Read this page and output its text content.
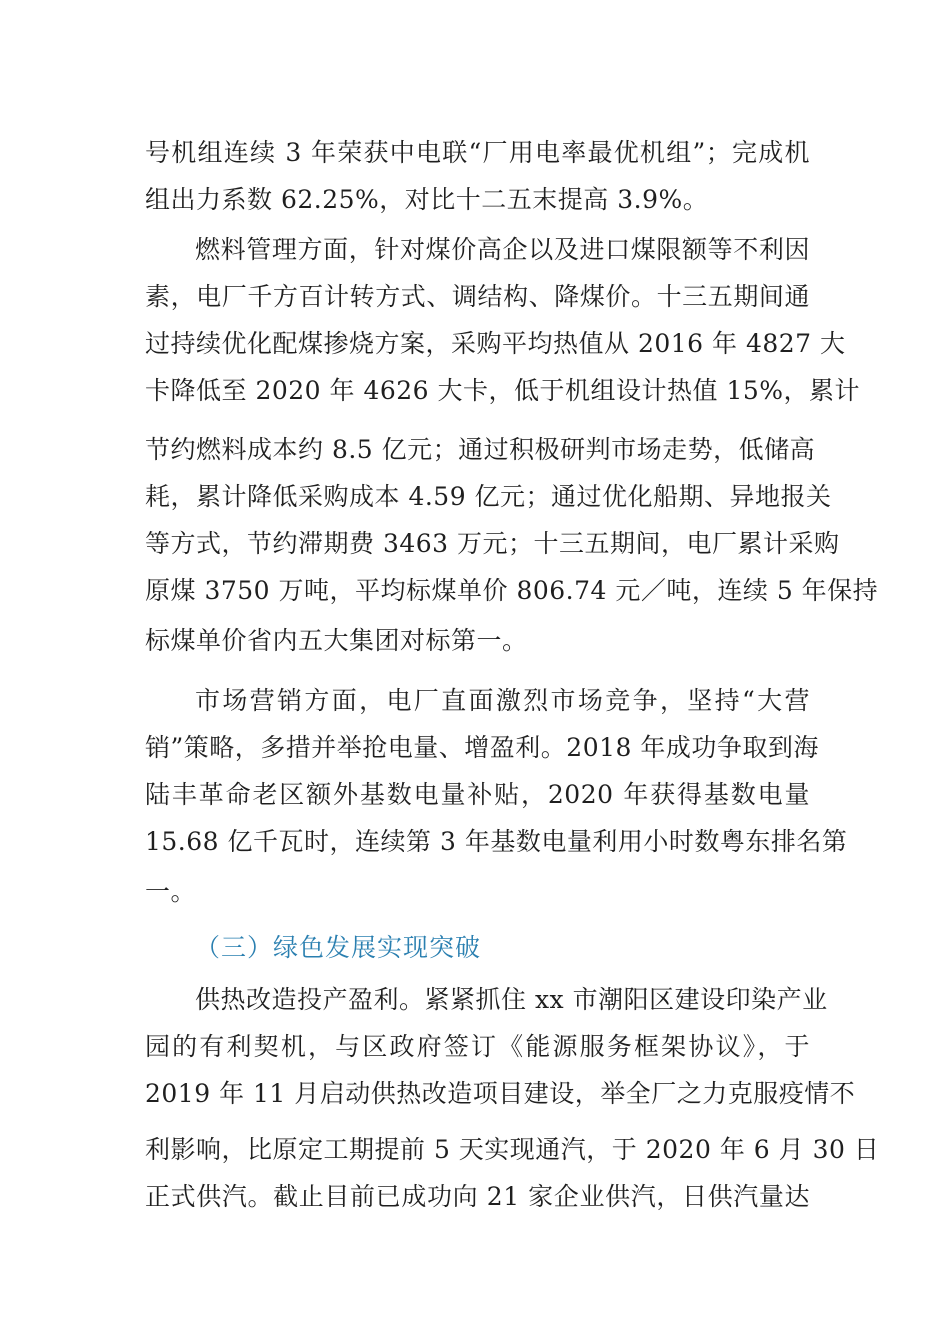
号机组连续 3 年荣获中电联“厂用电率最优机组”；完成机
组出力系数 62.25%，对比十二五末提高 3.9%。
燃料管理方面，针对煤价高企以及进口煤限额等不利因
素，电厂千方百计转方式、调结构、降煤价。十三五期间通
过持续优化配煤掺烧方案，采购平均热值从 2016 年 4827 大
卡降低至 2020 年 4626 大卡，低于机组设计热值 15%，累计
节约燃料成本约 8.5 亿元；通过积极研判市场走势，低储高
耗，累计降低采购成本 4.59 亿元；通过优化船期、异地报关
等方式，节约滞期费 3463 万元；十三五期间，电厂累计采购
原煤 3750 万吨，平均标煤单价 806.74 元／吨，连续 5 年保持
标煤单价省内五大集团对标第一。
市场营销方面，电厂直面激烈市场竞争，坚持“大营
销”策略，多措并举抢电量、增盈利。2018 年成功争取到海
陆丰革命老区额外基数电量补贴，2020 年获得基数电量
15.68 亿千瓦时，连续第 3 年基数电量利用小时数粤东排名第
一。
（三）绿色发展实现突破
供热改造投产盈利。紧紧抓住 xx 市潮阳区建设印染产业
园的有利契机，与区政府签订《能源服务框架协议》，于
2019 年 11 月启动供热改造项目建设，举全厂之力克服疫情不
利影响，比原定工期提前 5 天实现通汽，于 2020 年 6 月 30 日
正式供汽。截止目前已成功向 21 家企业供汽，日供汽量达
